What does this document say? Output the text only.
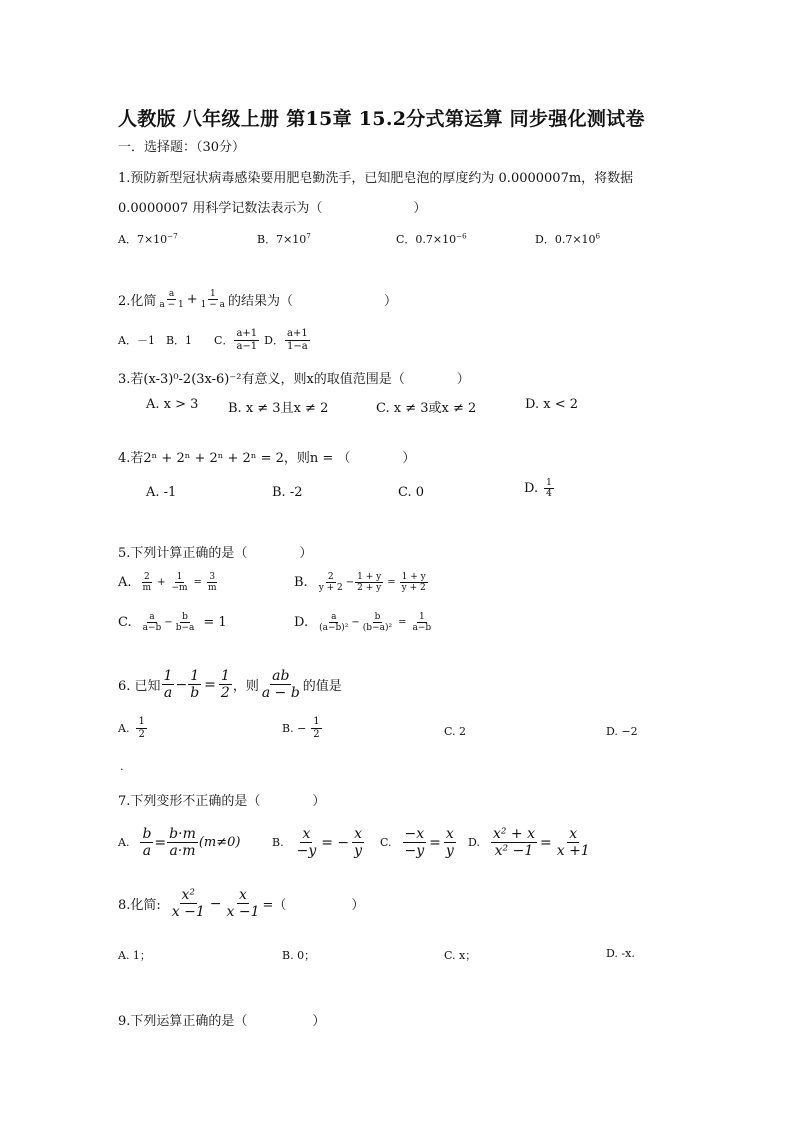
人教版 八年级上册 第15章 15.2分式第运算 同步强化测试卷
一．选择题：（30分）
1.预防新型冠状病毒感染要用肥皂勤洗手，已知肥皂泡的厚度约为 0.0000007m，将数据
0.0000007 用科学记数法表示为（　　　　　　　）
A．$7\times 10^{-7}$	B．$7\times 10^7$	C．$0.7\times 10^{-6}$	D．$0.7\times 10^6$
2.化简 $\frac{a}{a - 1} + \frac{1}{1 - a}$ 的结果为（　　　　　　　）
A．－1　B．1　　C． $\frac{a+1}{a-1}$ D． $\frac{a+1}{1-a}$
3.若(x-3)⁰-2(3x-6)⁻²有意义，则x的取值范围是（　　　　）
A. x > 3 B. x ≠ 3且x ≠ 2	C. x ≠ 3或x ≠ 2	D. x < 2
4.若2ⁿ + 2ⁿ + 2ⁿ + 2ⁿ = 2，则n = （　　　　）
A. -1	B. -2	C. 0	D. $\frac{1}{4}$
5.下列计算正确的是（　　　　）
A. $\frac{2}{m} + \frac{1}{-m} = \frac{3}{m}$	B. $\frac{2}{y + 2} - \frac{1 + y}{2 + y} = \frac{1 + y}{y + 2}$
C. $\frac{a}{a-b} - \frac{b}{b-a} = 1$	D. $\frac{a}{\text{(a−b)²}} - \frac{b}{\text{(b−a)²}} = \frac{1}{a-b}$
6. 已知 $\frac{1}{a} - \frac{1}{b} = \frac{1}{2}$ ，则 $\frac{ab}{a - b}$ 的值是
A. $\frac{1}{2}$	B. − $\frac{1}{2}$	C. 2	D. −2
.
7.下列变形不正确的是（　　　　）
A. $\frac{b}{a} = \frac{b\cdot m}{a\cdot m} (m\ne 0)$	B. $\frac{x}{-y}$ = − $\frac{x}{y} C$. $\frac{-x}{-y} = \frac{x}{y} D$. $\frac{\text{x² + x}}{\text{x² −1}} = \frac{x}{x +1}$
8.化简: $\frac{\text{x²}}{x -1} - \frac{x}{x -1}$ =（　　　　　）
A. 1；	B. 0；	C. x；	D. -x.
9.下列运算正确的是（　　　　　）
